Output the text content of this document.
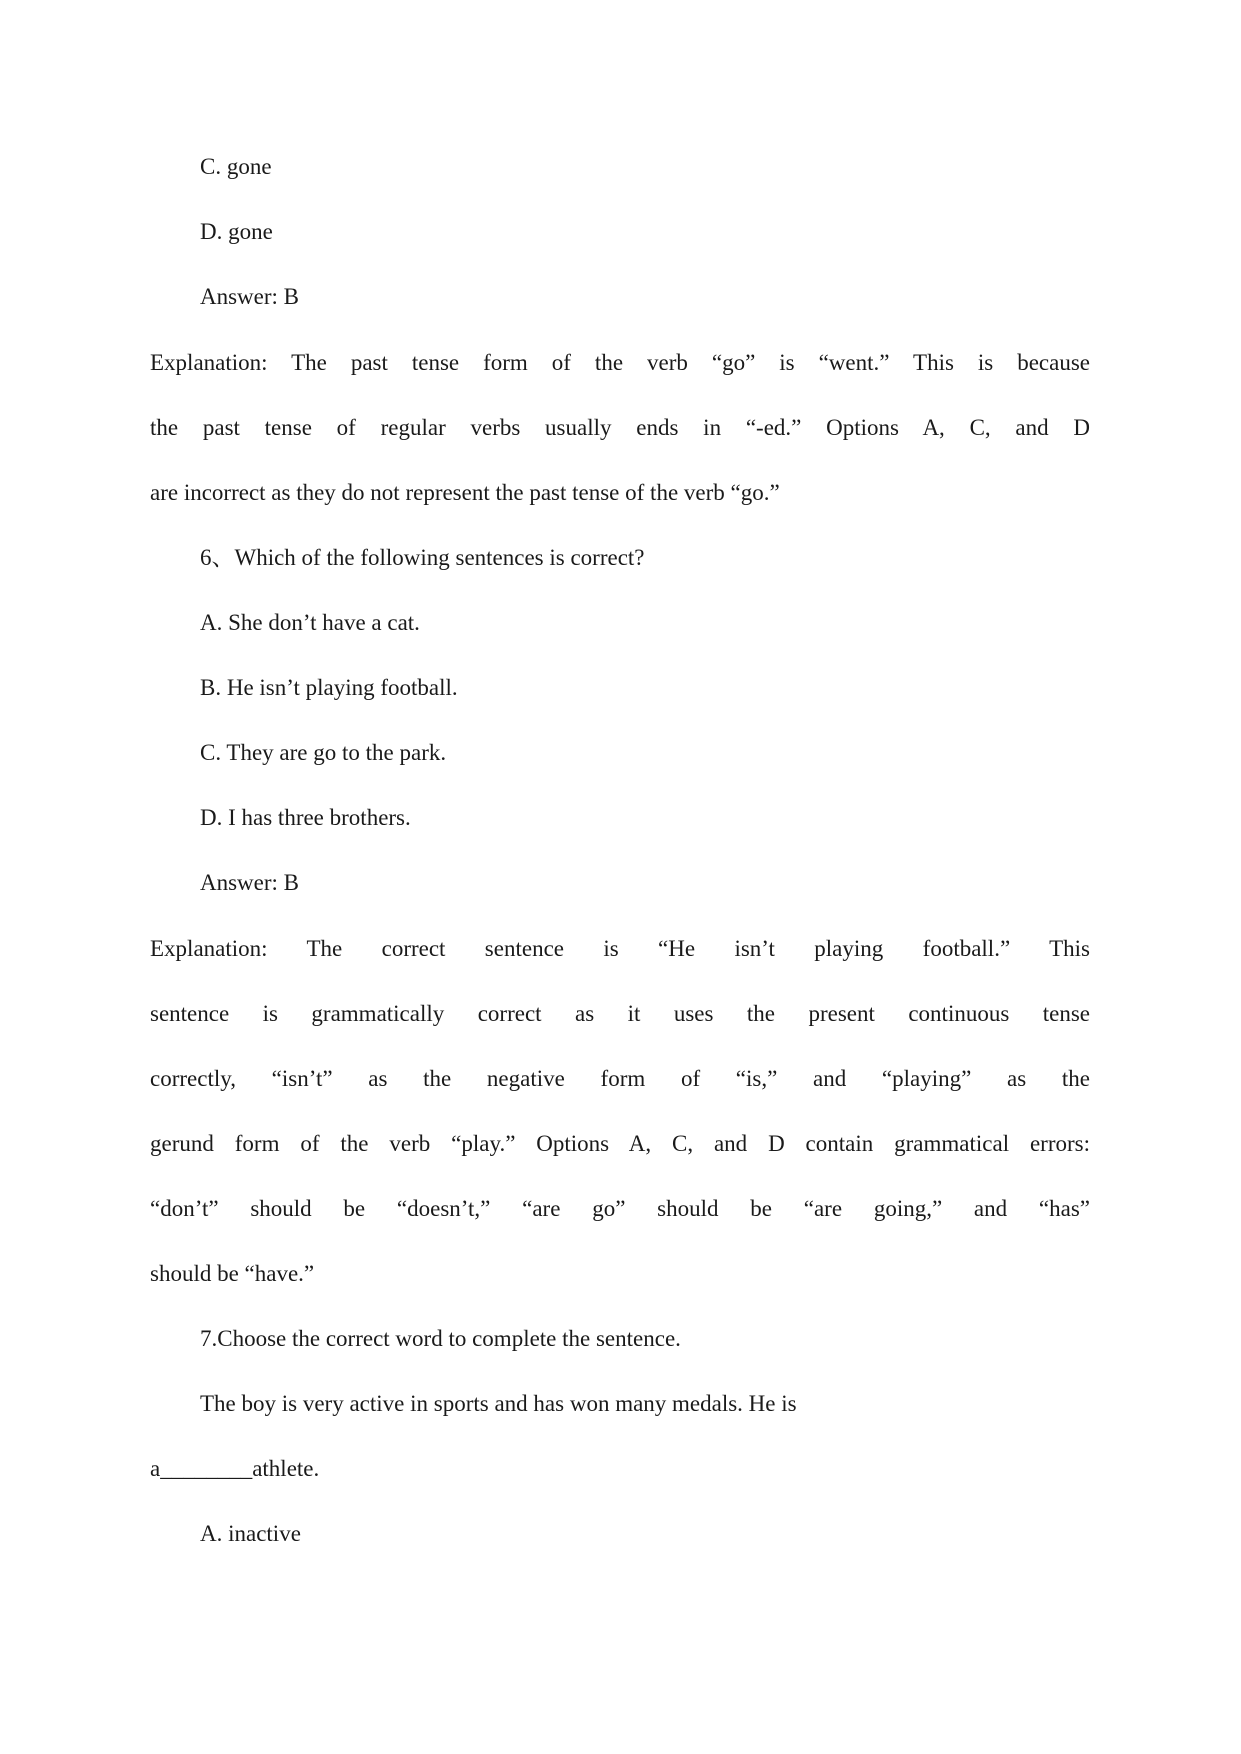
C. gone
D. gone
Answer: B
Explanation: The past tense form of the verb “go” is “went.” This is because
the past tense of regular verbs usually ends in “-ed.” Options A, C, and D
are incorrect as they do not represent the past tense of the verb “go.”
6、Which of the following sentences is correct?
A. She don’t have a cat.
B. He isn’t playing football.
C. They are go to the park.
D. I has three brothers.
Answer: B
Explanation: The correct sentence is “He isn’t playing football.” This
sentence is grammatically correct as it uses the present continuous tense
correctly, “isn’t” as the negative form of “is,” and “playing” as the
gerund form of the verb “play.” Options A, C, and D contain grammatical errors:
“don’t” should be “doesn’t,” “are go” should be “are going,” and “has”
should be “have.”
7.Choose the correct word to complete the sentence.
The boy is very active in sports and has won many medals. He is
a________athlete.
A. inactive
